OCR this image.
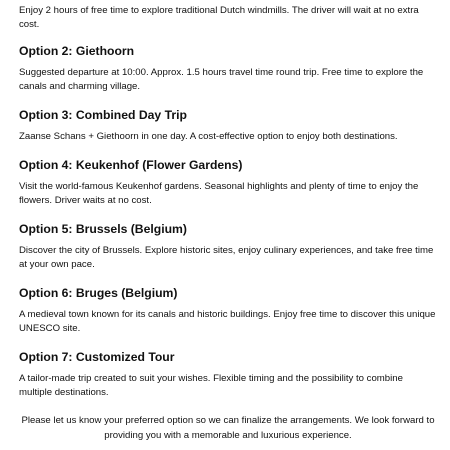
Enjoy 2 hours of free time to explore traditional Dutch windmills. The driver will wait at no extra cost.

Option 2: Giethoorn

Suggested departure at 10:00. Approx. 1.5 hours travel time round trip. Free time to explore the canals and charming village.

Option 3: Combined Day Trip

Zaanse Schans + Giethoorn in one day. A cost-effective option to enjoy both destinations.

Option 4: Keukenhof (Flower Gardens)

Visit the world-famous Keukenhof gardens. Seasonal highlights and plenty of time to enjoy the flowers. Driver waits at no cost.

Option 5: Brussels (Belgium)

Discover the city of Brussels. Explore historic sites, enjoy culinary experiences, and take free time at your own pace.

Option 6: Bruges (Belgium)

A medieval town known for its canals and historic buildings. Enjoy free time to discover this unique UNESCO site.

Option 7: Customized Tour

A tailor-made trip created to suit your wishes. Flexible timing and the possibility to combine multiple destinations.

Please let us know your preferred option so we can finalize the arrangements. We look forward to providing you with a memorable and luxurious experience.
